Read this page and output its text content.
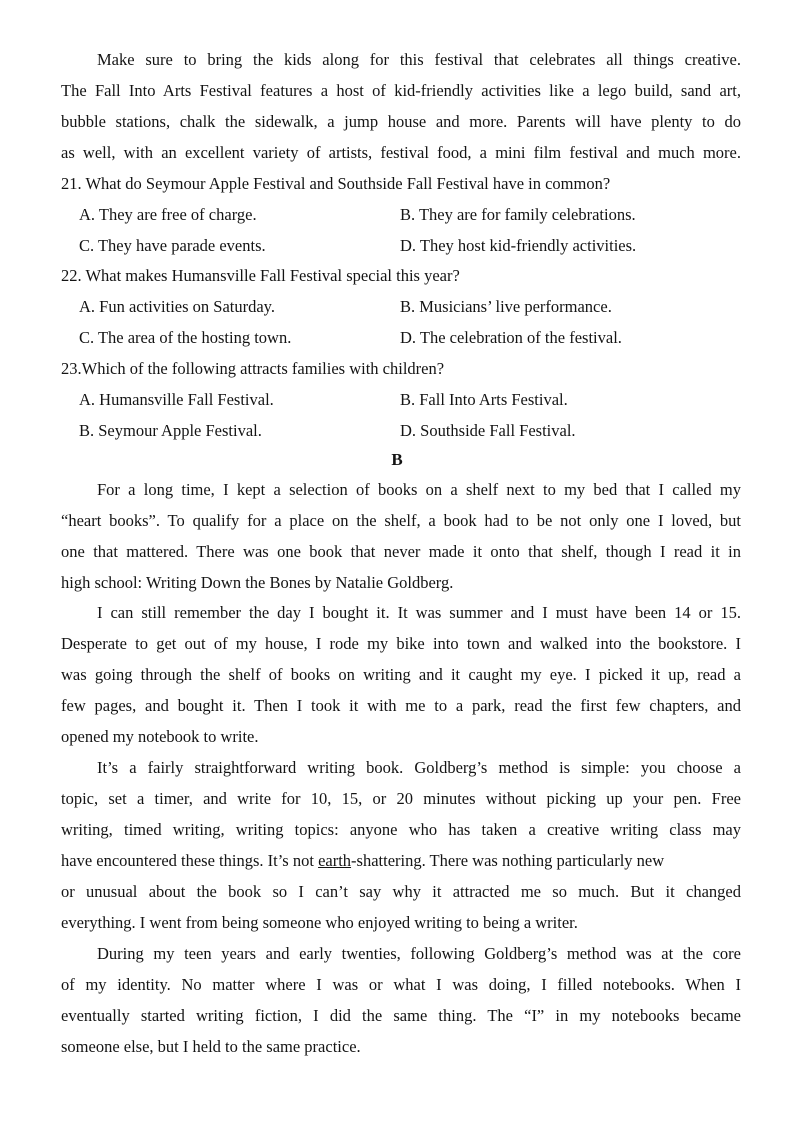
Make sure to bring the kids along for this festival that celebrates all things creative.
The Fall Into Arts Festival features a host of kid-friendly activities like a lego build, sand art,
bubble stations, chalk the sidewalk, a jump house and more. Parents will have plenty to do
as well, with an excellent variety of artists, festival food, a mini film festival and much more.
21. What do Seymour Apple Festival and Southside Fall Festival have in common?
A. They are free of charge.	B. They are for family celebrations.
C. They have parade events.	D. They host kid-friendly activities.
22. What makes Humansville Fall Festival special this year?
A. Fun activities on Saturday.	B. Musicians’ live performance.
C. The area of the hosting town.	D. The celebration of the festival.
23.Which of the following attracts families with children?
A. Humansville Fall Festival.	B. Fall Into Arts Festival.
B. Seymour Apple Festival.	D. Southside Fall Festival.
B
For a long time, I kept a selection of books on a shelf next to my bed that I called my
“heart books”. To qualify for a place on the shelf, a book had to be not only one I loved, but
one that mattered. There was one book that never made it onto that shelf, though I read it in
high school: Writing Down the Bones by Natalie Goldberg.
I can still remember the day I bought it. It was summer and I must have been 14 or 15.
Desperate to get out of my house, I rode my bike into town and walked into the bookstore. I
was going through the shelf of books on writing and it caught my eye. I picked it up, read a
few pages, and bought it. Then I took it with me to a park, read the first few chapters, and
opened my notebook to write.
It’s a fairly straightforward writing book. Goldberg’s method is simple: you choose a
topic, set a timer, and write for 10, 15, or 20 minutes without picking up your pen. Free
writing, timed writing, writing topics: anyone who has taken a creative writing class may
have encountered these things. It’s not earth-shattering. There was nothing particularly new
or unusual about the book so I can’t say why it attracted me so much. But it changed
everything. I went from being someone who enjoyed writing to being a writer.
During my teen years and early twenties, following Goldberg’s method was at the core
of my identity. No matter where I was or what I was doing, I filled notebooks. When I
eventually started writing fiction, I did the same thing. The “I” in my notebooks became
someone else, but I held to the same practice.
